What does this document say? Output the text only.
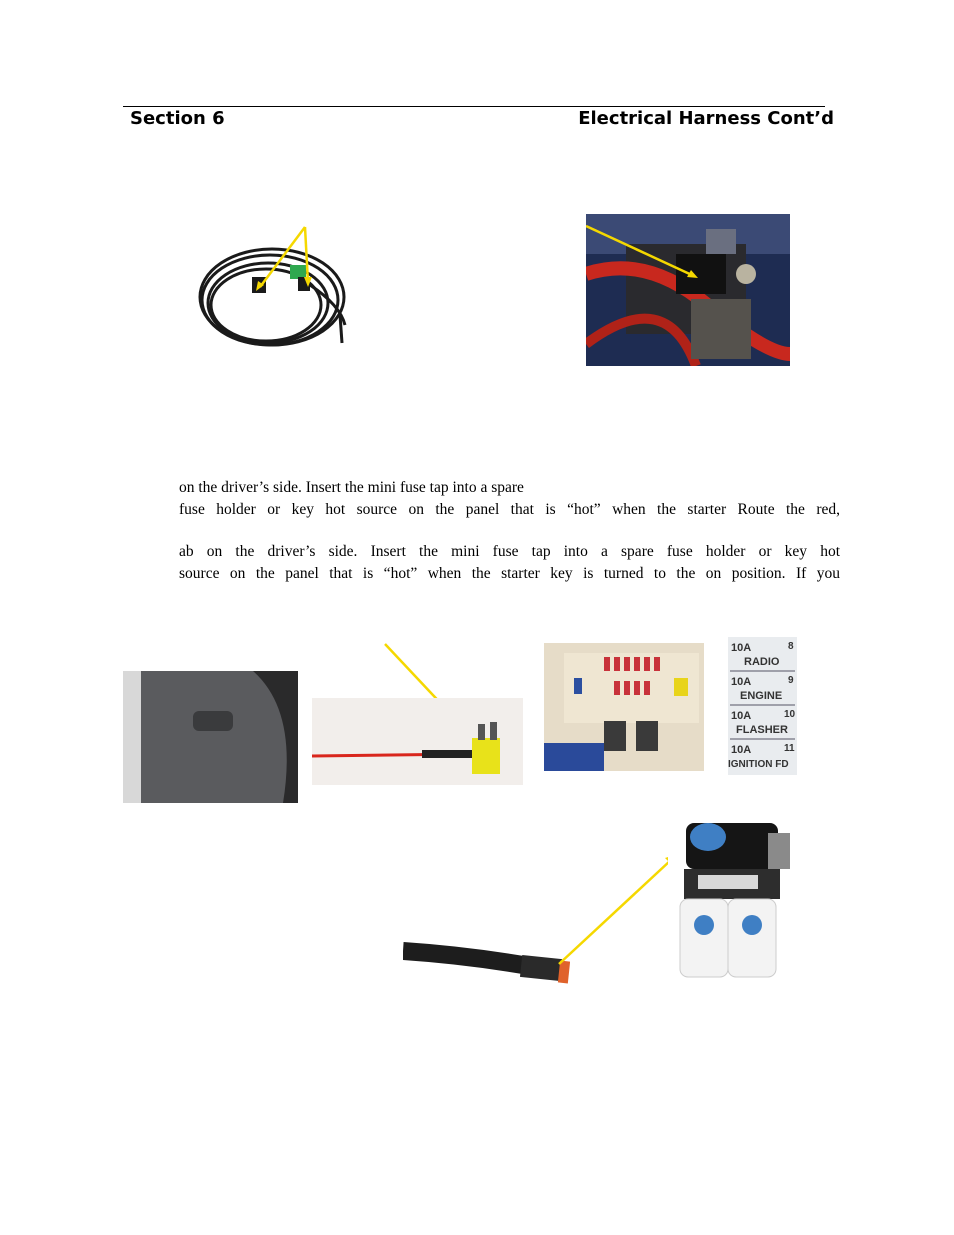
Section 6	Electrical Harness Cont’d
on the driver’s side. Insert the mini fuse tap into a spare
fuse holder or key hot source on the panel that is “hot” when the starter Route the red,
ab on the driver’s side. Insert the mini fuse tap into a spare fuse holder or key hot
source on the panel that is “hot” when the starter key is turned to the on position. If you
10A	8
RADIO
10A	9
ENGINE
10A	10
FLASHER
10A	11
IGNITION FD
